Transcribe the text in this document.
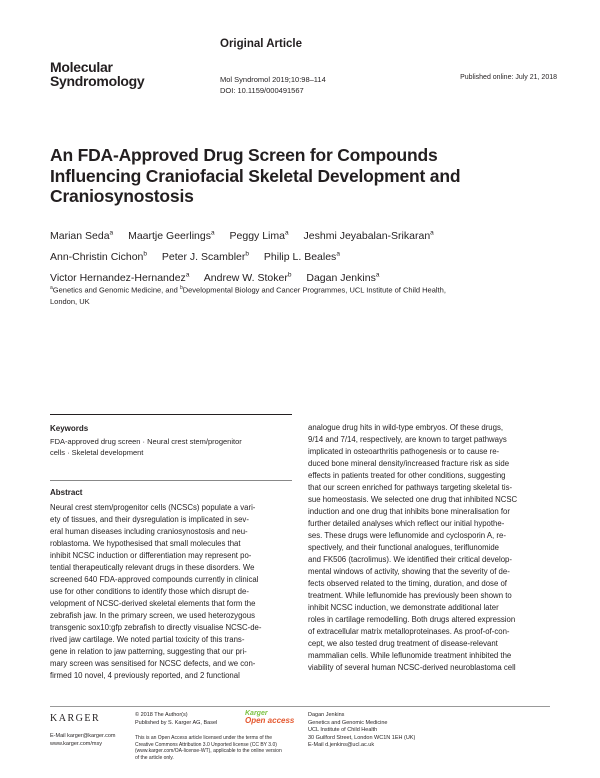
Molecular
Syndromology
Original Article
Mol Syndromol 2019;10:98–114
DOI: 10.1159/000491567
Published online: July 21, 2018
An FDA-Approved Drug Screen for Compounds Influencing Craniofacial Skeletal Development and Craniosynostosis
Marian Seda$^a$ Maartje Geerlings$^a$ Peggy Lima$^a$ Jeshmi Jeyabalan-Srikaran$^a$
Ann-Christin Cichon$^b$ Peter J. Scambler$^b$ Philip L. Beales$^a$
Victor Hernandez-Hernandez$^a$ Andrew W. Stoker$^b$ Dagan Jenkins$^a$
$^a$Genetics and Genomic Medicine, and $^b$Developmental Biology and Cancer Programmes, UCL Institute of Child Health, London, UK
Keywords
FDA-approved drug screen · Neural crest stem/progenitor
cells · Skeletal development
Abstract
Neural crest stem/progenitor cells (NCSCs) populate a vari-
ety of tissues, and their dysregulation is implicated in sev-
eral human diseases including craniosynostosis and neu-
roblastoma. We hypothesised that small molecules that
inhibit NCSC induction or differentiation may represent po-
tential therapeutically relevant drugs in these disorders. We
screened 640 FDA-approved compounds currently in clinical
use for other conditions to identify those which disrupt de-
velopment of NCSC-derived skeletal elements that form the
zebrafish jaw. In the primary screen, we used heterozygous
transgenic sox10:gfp zebrafish to directly visualise NCSC-de-
rived jaw cartilage. We noted partial toxicity of this trans-
gene in relation to jaw patterning, suggesting that our pri-
mary screen was sensitised for NCSC defects, and we con-
firmed 10 novel, 4 previously reported, and 2 functional
analogue drug hits in wild-type embryos. Of these drugs,
9/14 and 7/14, respectively, are known to target pathways
implicated in osteoarthritis pathogenesis or to cause re-
duced bone mineral density/increased fracture risk as side
effects in patients treated for other conditions, suggesting
that our screen enriched for pathways targeting skeletal tis-
sue homeostasis. We selected one drug that inhibited NCSC
induction and one drug that inhibits bone mineralisation for
further detailed analyses which reflect our initial hypothe-
ses. These drugs were leflunomide and cyclosporin A, re-
spectively, and their functional analogues, teriflunomide
and FK506 (tacrolimus). We identified their critical develop-
mental windows of activity, showing that the severity of de-
fects observed related to the timing, duration, and dose of
treatment. While leflunomide has previously been shown to
inhibit NCSC induction, we demonstrate additional later
roles in cartilage remodelling. Both drugs altered expression
of extracellular matrix metalloproteinases. As proof-of-con-
cept, we also tested drug treatment of disease-relevant
mammalian cells. While leflunomide treatment inhibited the
viability of several human NCSC-derived neuroblastoma cell
KARGER
E-Mail karger@karger.com
www.karger.com/msy
© 2018 The Author(s)
Published by S. Karger AG, Basel
Karger
Open access
This is an Open Access article licensed under the terms of the
Creative Commons Attribution 3.0 Unported license (CC BY 3.0)
(www.karger.com/OA-license-WT), applicable to the online version
of the article only.
Dagan Jenkins
Genetics and Genomic Medicine
UCL Institute of Child Health
30 Guilford Street, London WC1N 1EH (UK)
E-Mail d.jenkins@ucl.ac.uk
